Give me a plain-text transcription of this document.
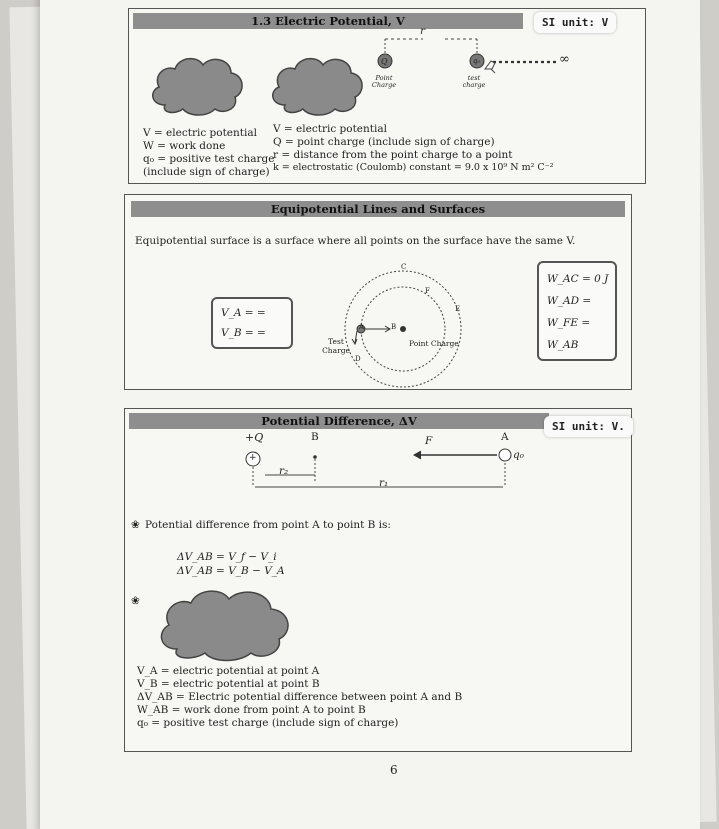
1.3 Electric Potential, V
r
Q	q₀
Point Charge
test charge
∞
V = electric potential
W = work done
q₀ = positive test charge
(include sign of charge)
V = electric potential
Q = point charge (include sign of charge)
r = distance from the point charge to a point
k = electrostatic (Coulomb) constant = 9.0 x 10⁹ N m² C⁻²
SI unit: V
Equipotential Lines and Surfaces
Equipotential surface is a surface where all points on the surface have the same V.
V_A = =
V_B = =	A	B
C
F
E
D
Test Charge
Point Charge
W_AC = 0 J
W_AD =
W_FE =
W_AB
Potential Difference, ΔV
+Q
+
B	F	A
q₀
r₂
r₁
❀ Potential difference from point A to point B is:
ΔV_AB = V_f − V_i
ΔV_AB = V_B − V_A
❀
V_A = electric potential at point A
V_B = electric potential at point B
ΔV_AB = Electric potential difference between point A and B
W_AB = work done from point A to point B
q₀ = positive test charge (include sign of charge)
SI unit: V.
6
